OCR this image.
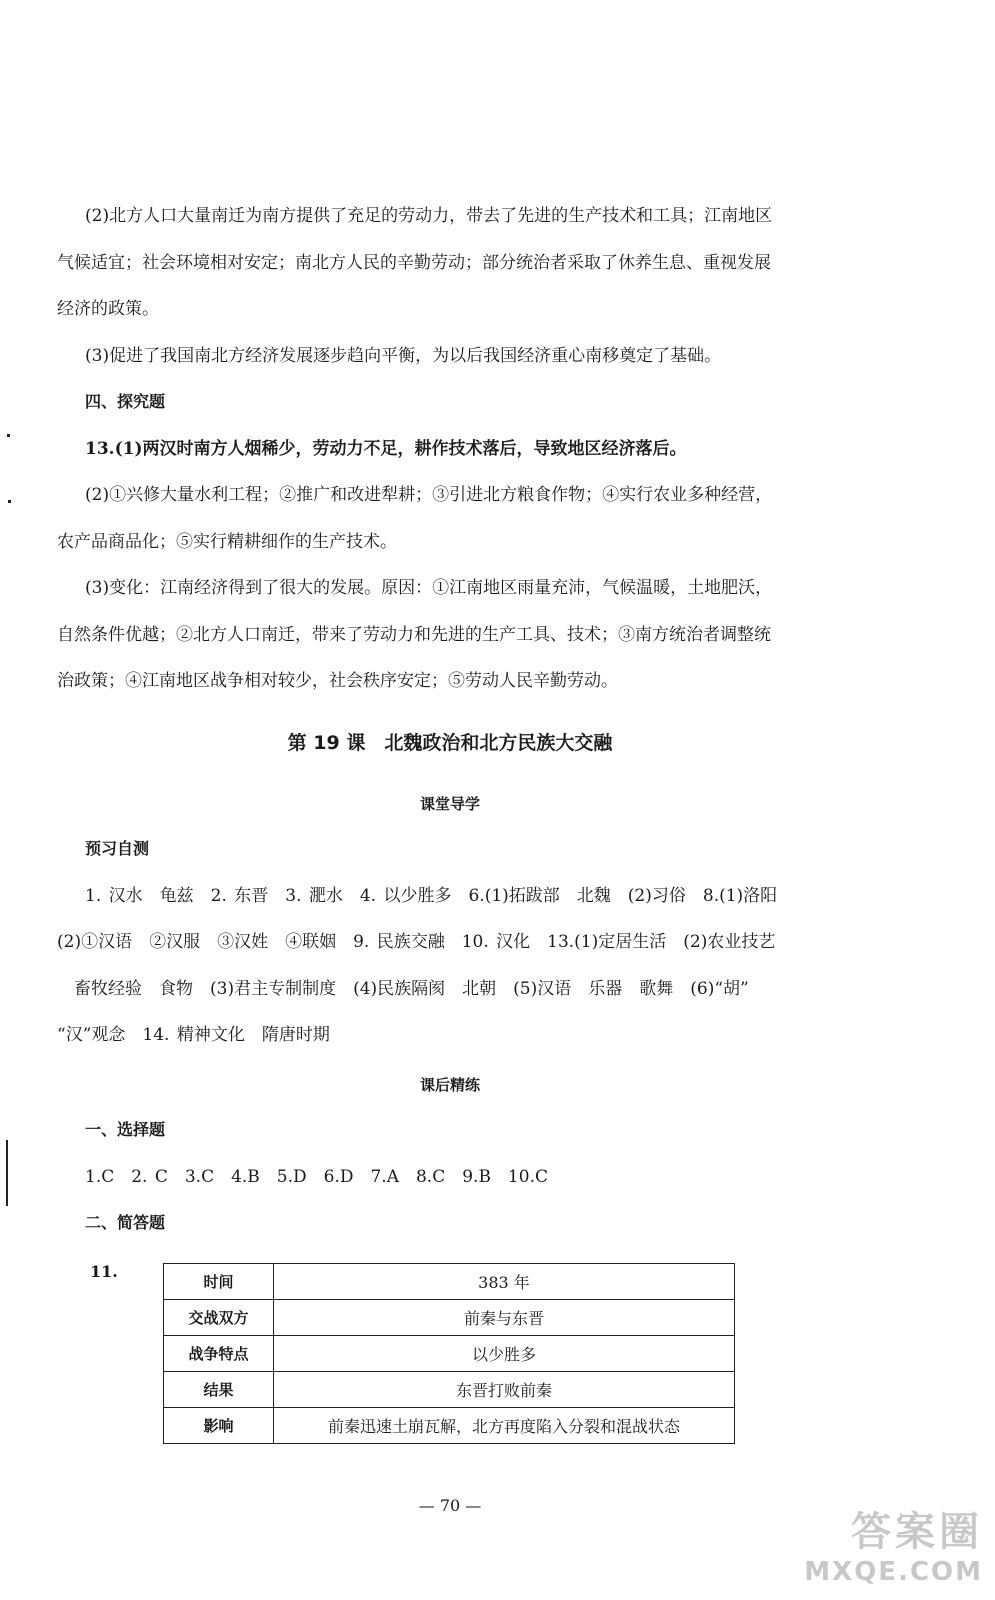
(2)北方人口大量南迁为南方提供了充足的劳动力，带去了先进的生产技术和工具；江南地区
气候适宜；社会环境相对安定；南北方人民的辛勤劳动；部分统治者采取了休养生息、重视发展
经济的政策。
(3)促进了我国南北方经济发展逐步趋向平衡，为以后我国经济重心南移奠定了基础。
四、探究题
13.(1)两汉时南方人烟稀少，劳动力不足，耕作技术落后，导致地区经济落后。
(2)①兴修大量水利工程；②推广和改进犁耕；③引进北方粮食作物；④实行农业多种经营，
农产品商品化；⑤实行精耕细作的生产技术。
(3)变化：江南经济得到了很大的发展。原因：①江南地区雨量充沛，气候温暖，土地肥沃，
自然条件优越；②北方人口南迁，带来了劳动力和先进的生产工具、技术；③南方统治者调整统
治政策；④江南地区战争相对较少，社会秩序安定；⑤劳动人民辛勤劳动。
第 19 课　北魏政治和北方民族大交融
课堂导学
预习自测
1. 汉水　龟兹　2. 东晋　3. 淝水　4. 以少胜多　6.(1)拓跋部　北魏　(2)习俗　8.(1)洛阳
(2)①汉语　②汉服　③汉姓　④联姻　9. 民族交融　10. 汉化　13.(1)定居生活　(2)农业技艺
　畜牧经验　食物　(3)君主专制制度　(4)民族隔阂　北朝　(5)汉语　乐器　歌舞　(6)“胡”
“汉”观念　14. 精神文化　隋唐时期
课后精练
一、选择题
1.C　2. C　3.C　4.B　5.D　6.D　7.A　8.C　9.B　10.C
二、简答题
11.
时间	383 年
交战双方	前秦与东晋
战争特点	以少胜多
结果	东晋打败前秦
影响	前秦迅速土崩瓦解，北方再度陷入分裂和混战状态
— 70 —
答案圈
MXQE.COM
